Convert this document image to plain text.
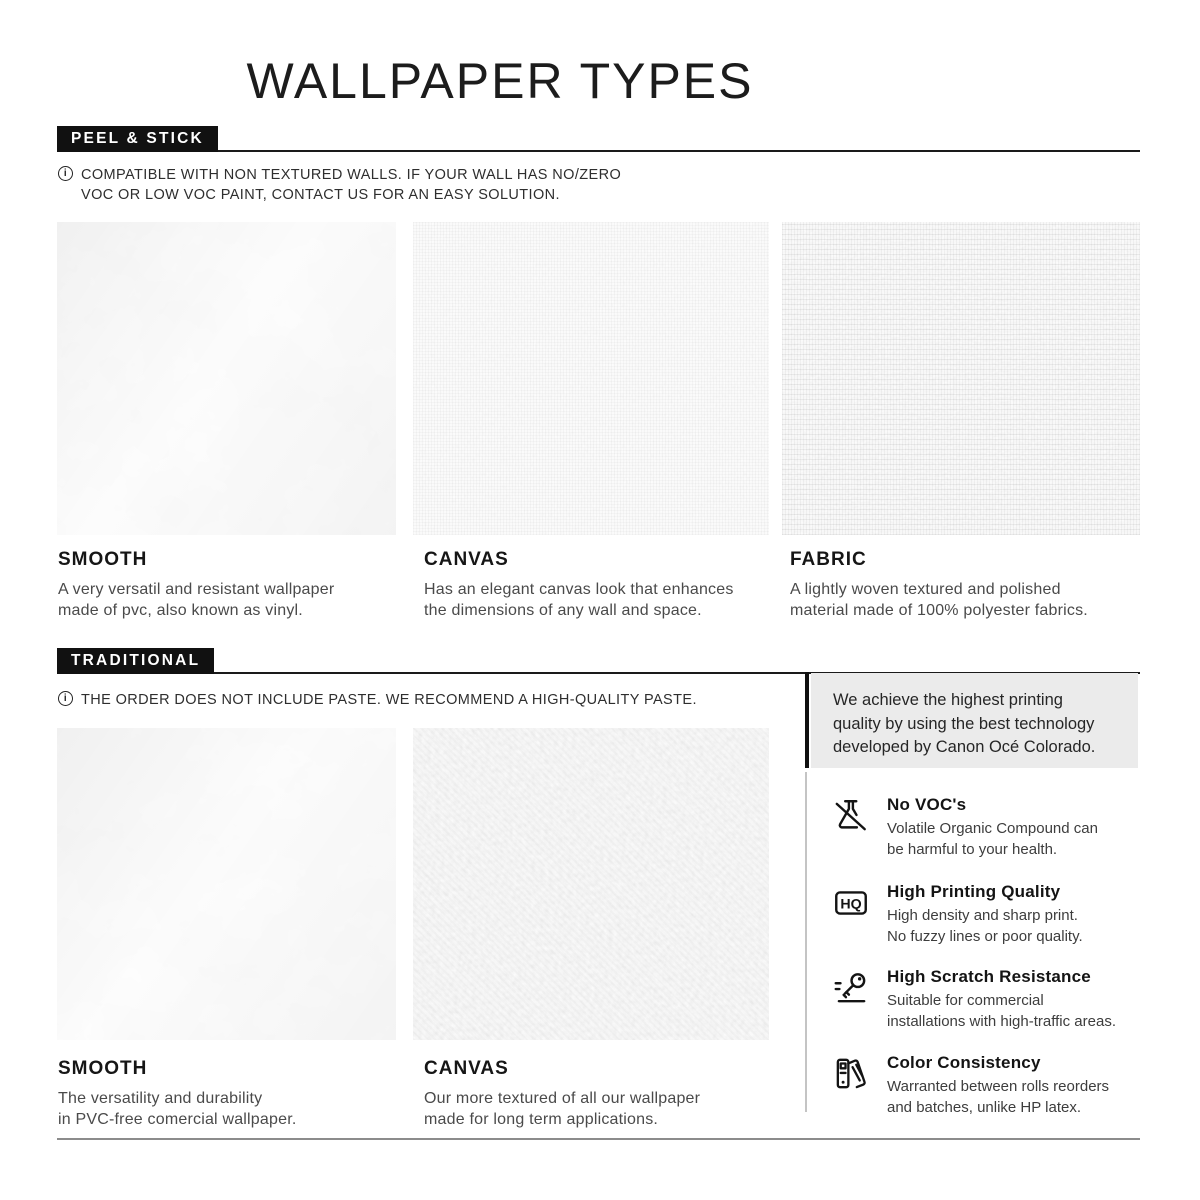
WALLPAPER TYPES
PEEL & STICK
i COMPATIBLE WITH NON TEXTURED WALLS. IF YOUR WALL HAS NO/ZERO
VOC OR LOW VOC PAINT, CONTACT US FOR AN EASY SOLUTION.
SMOOTH

A very versatil and resistant wallpaper
made of pvc, also known as vinyl.

CANVAS

Has an elegant canvas look that enhances
the dimensions of any wall and space.

FABRIC

A lightly woven textured and polished
material made of 100% polyester fabrics.

TRADITIONAL
i THE ORDER DOES NOT INCLUDE PASTE. WE RECOMMEND A HIGH-QUALITY PASTE.
SMOOTH

The versatility and durability
in PVC-free comercial wallpaper.

CANVAS

Our more textured of all our wallpaper
made for long term applications.

We achieve the highest printing
quality by using the best technology
developed by Canon Océ Colorado.
No VOC's

Volatile Organic Compound can
be harmful to your health.

HQ
High Printing Quality

High density and sharp print.
No fuzzy lines or poor quality.

High Scratch Resistance

Suitable for commercial
installations with high-traffic areas.

Color Consistency

Warranted between rolls reorders
and batches, unlike HP latex.
